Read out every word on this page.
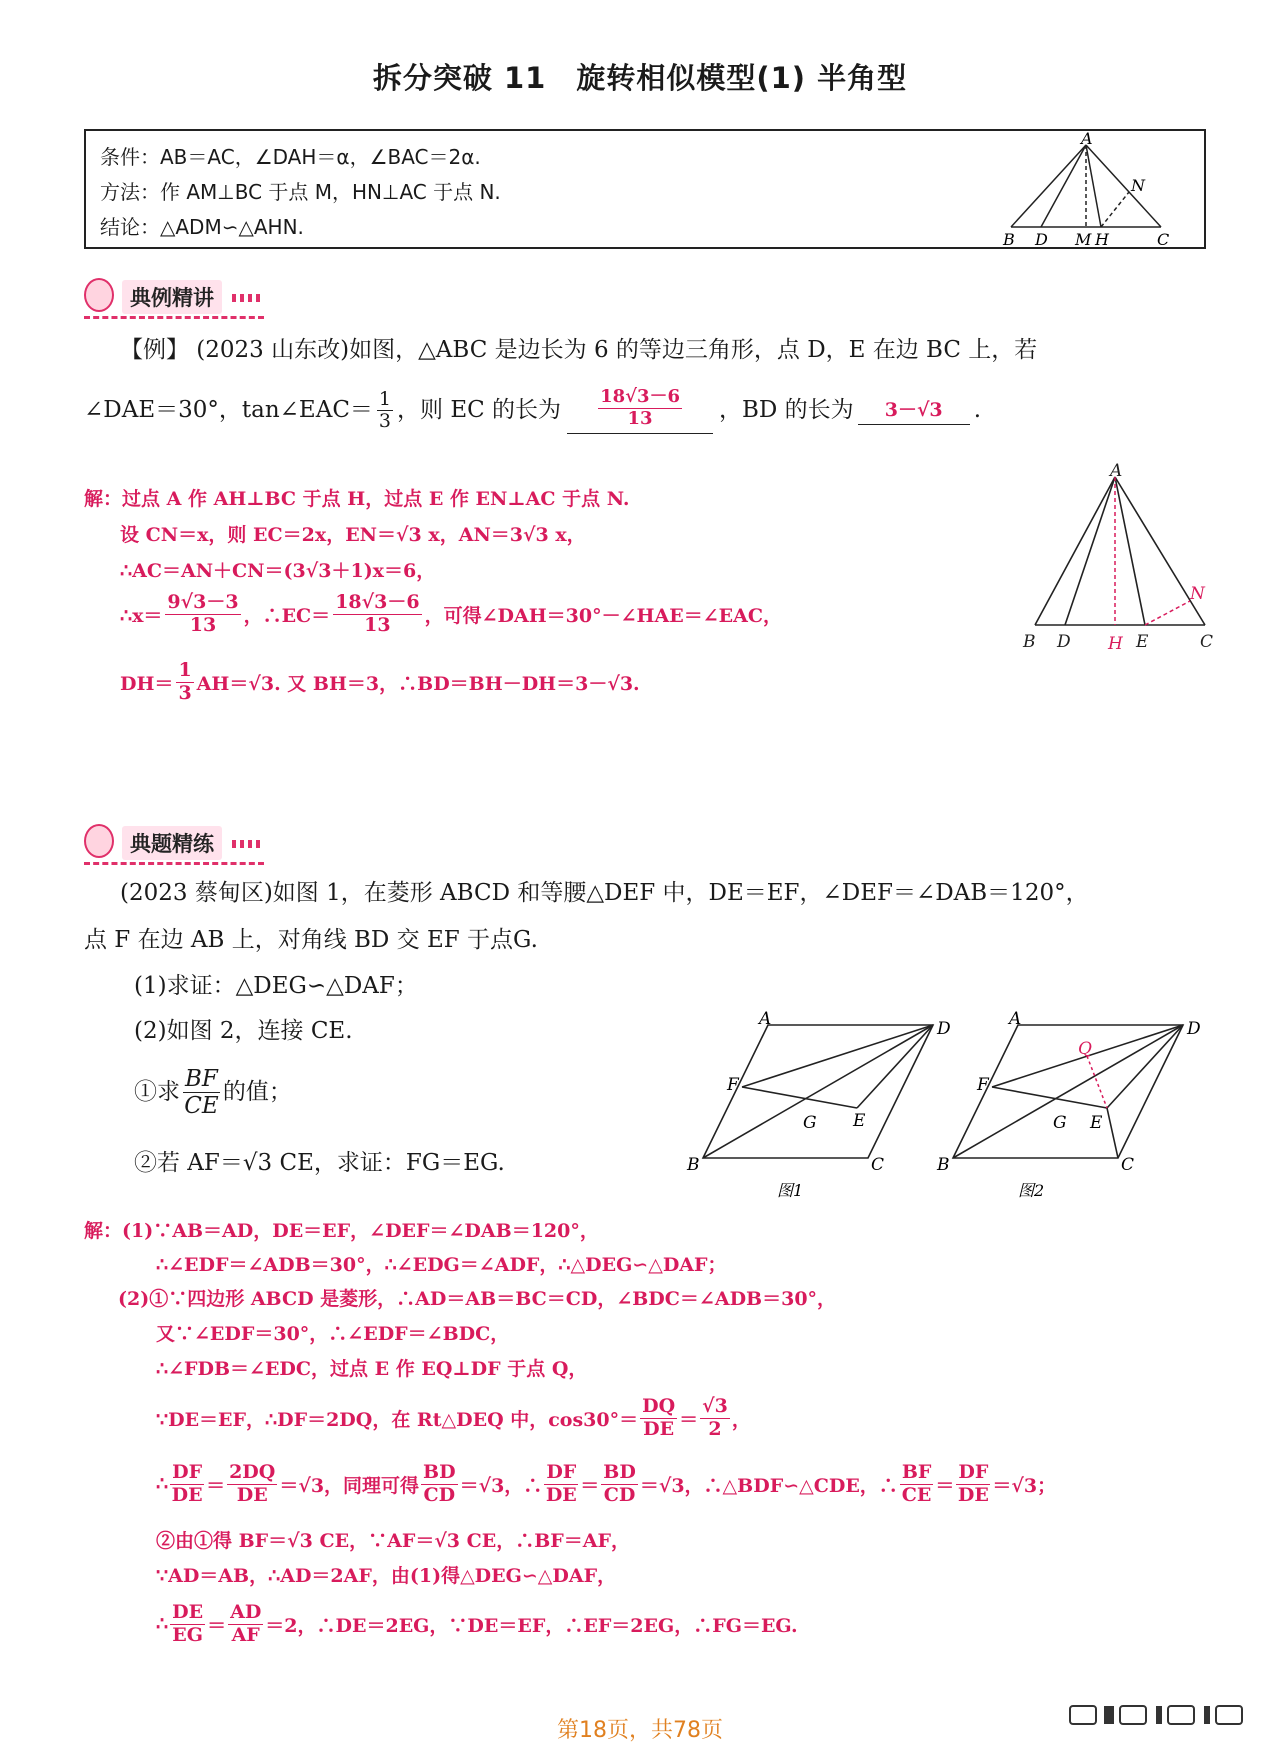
拆分突破 11　旋转相似模型(1) 半角型
条件：AB＝AC，∠DAH＝α，∠BAC＝2α.
方法：作 AM⊥BC 于点 M，HN⊥AC 于点 N.
结论：△ADM∽△AHN.
A
B D M H	C
N
典例精讲
【例】 (2023 山东改)如图，△ABC 是边长为 6 的等边三角形，点 D，E 在边 BC 上，若
∠DAE＝30°，tan∠EAC＝ 1
3 ，则 EC 的长为
18√3－6
13	，BD 的长为	3－√3	.
解：过点 A 作 AH⊥BC 于点 H，过点 E 作 EN⊥AC 于点 N.
设 CN＝x，则 EC＝2x，EN＝√3 x，AN＝3√3 x，
∴AC＝AN＋CN＝(3√3＋1)x＝6，
∴x＝
9√3－3
13 ，∴EC＝
18√3－6
13 ，可得∠DAH＝30°－∠HAE＝∠EAC，
DH＝
1
3 AH＝√3. 又 BH＝3，∴BD＝BH－DH＝3－√3.
A
B D H E	C
N
典题精练
(2023 蔡甸区)如图 1，在菱形 ABCD 和等腰△DEF 中，DE＝EF，∠DEF＝∠DAB＝120°，
点 F 在边 AB 上，对角线 BD 交 EF 于点G.
(1)求证：△DEG∽△DAF；
(2)如图 2，连接 CE.
①求
BF
CE
的值；
②若 AF＝√3 CE，求证：FG＝EG.
A	D
F
G E
B	C
图1
A	D
Q
F
G E
B	C
图2
解：(1)∵AB＝AD，DE＝EF，∠DEF＝∠DAB＝120°，
∴∠EDF＝∠ADB＝30°，∴∠EDG＝∠ADF，∴△DEG∽△DAF；
(2)①∵四边形 ABCD 是菱形，∴AD＝AB＝BC＝CD，∠BDC＝∠ADB＝30°，
又∵∠EDF＝30°，∴∠EDF＝∠BDC，
∴∠FDB＝∠EDC，过点 E 作 EQ⊥DF 于点 Q，
∵DE＝EF，∴DF＝2DQ，在 Rt△DEQ 中，cos30°＝
DQ
DE ＝
√3
2 ，
∴
DF
DE ＝
2DQ
DE ＝√3，同理可得
BD
CD ＝√3，∴
DF
DE ＝
BD
CD ＝√3，∴△BDF∽△CDE，∴
BF
CE ＝
DF
DE ＝√3；
②由①得 BF＝√3 CE，∵AF＝√3 CE，∴BF＝AF，
∵AD＝AB，∴AD＝2AF，由(1)得△DEG∽△DAF，
∴
DE
EG ＝
AD
AF ＝2，∴DE＝2EG，∵DE＝EF，∴EF＝2EG，∴FG＝EG.
第18页，共78页
